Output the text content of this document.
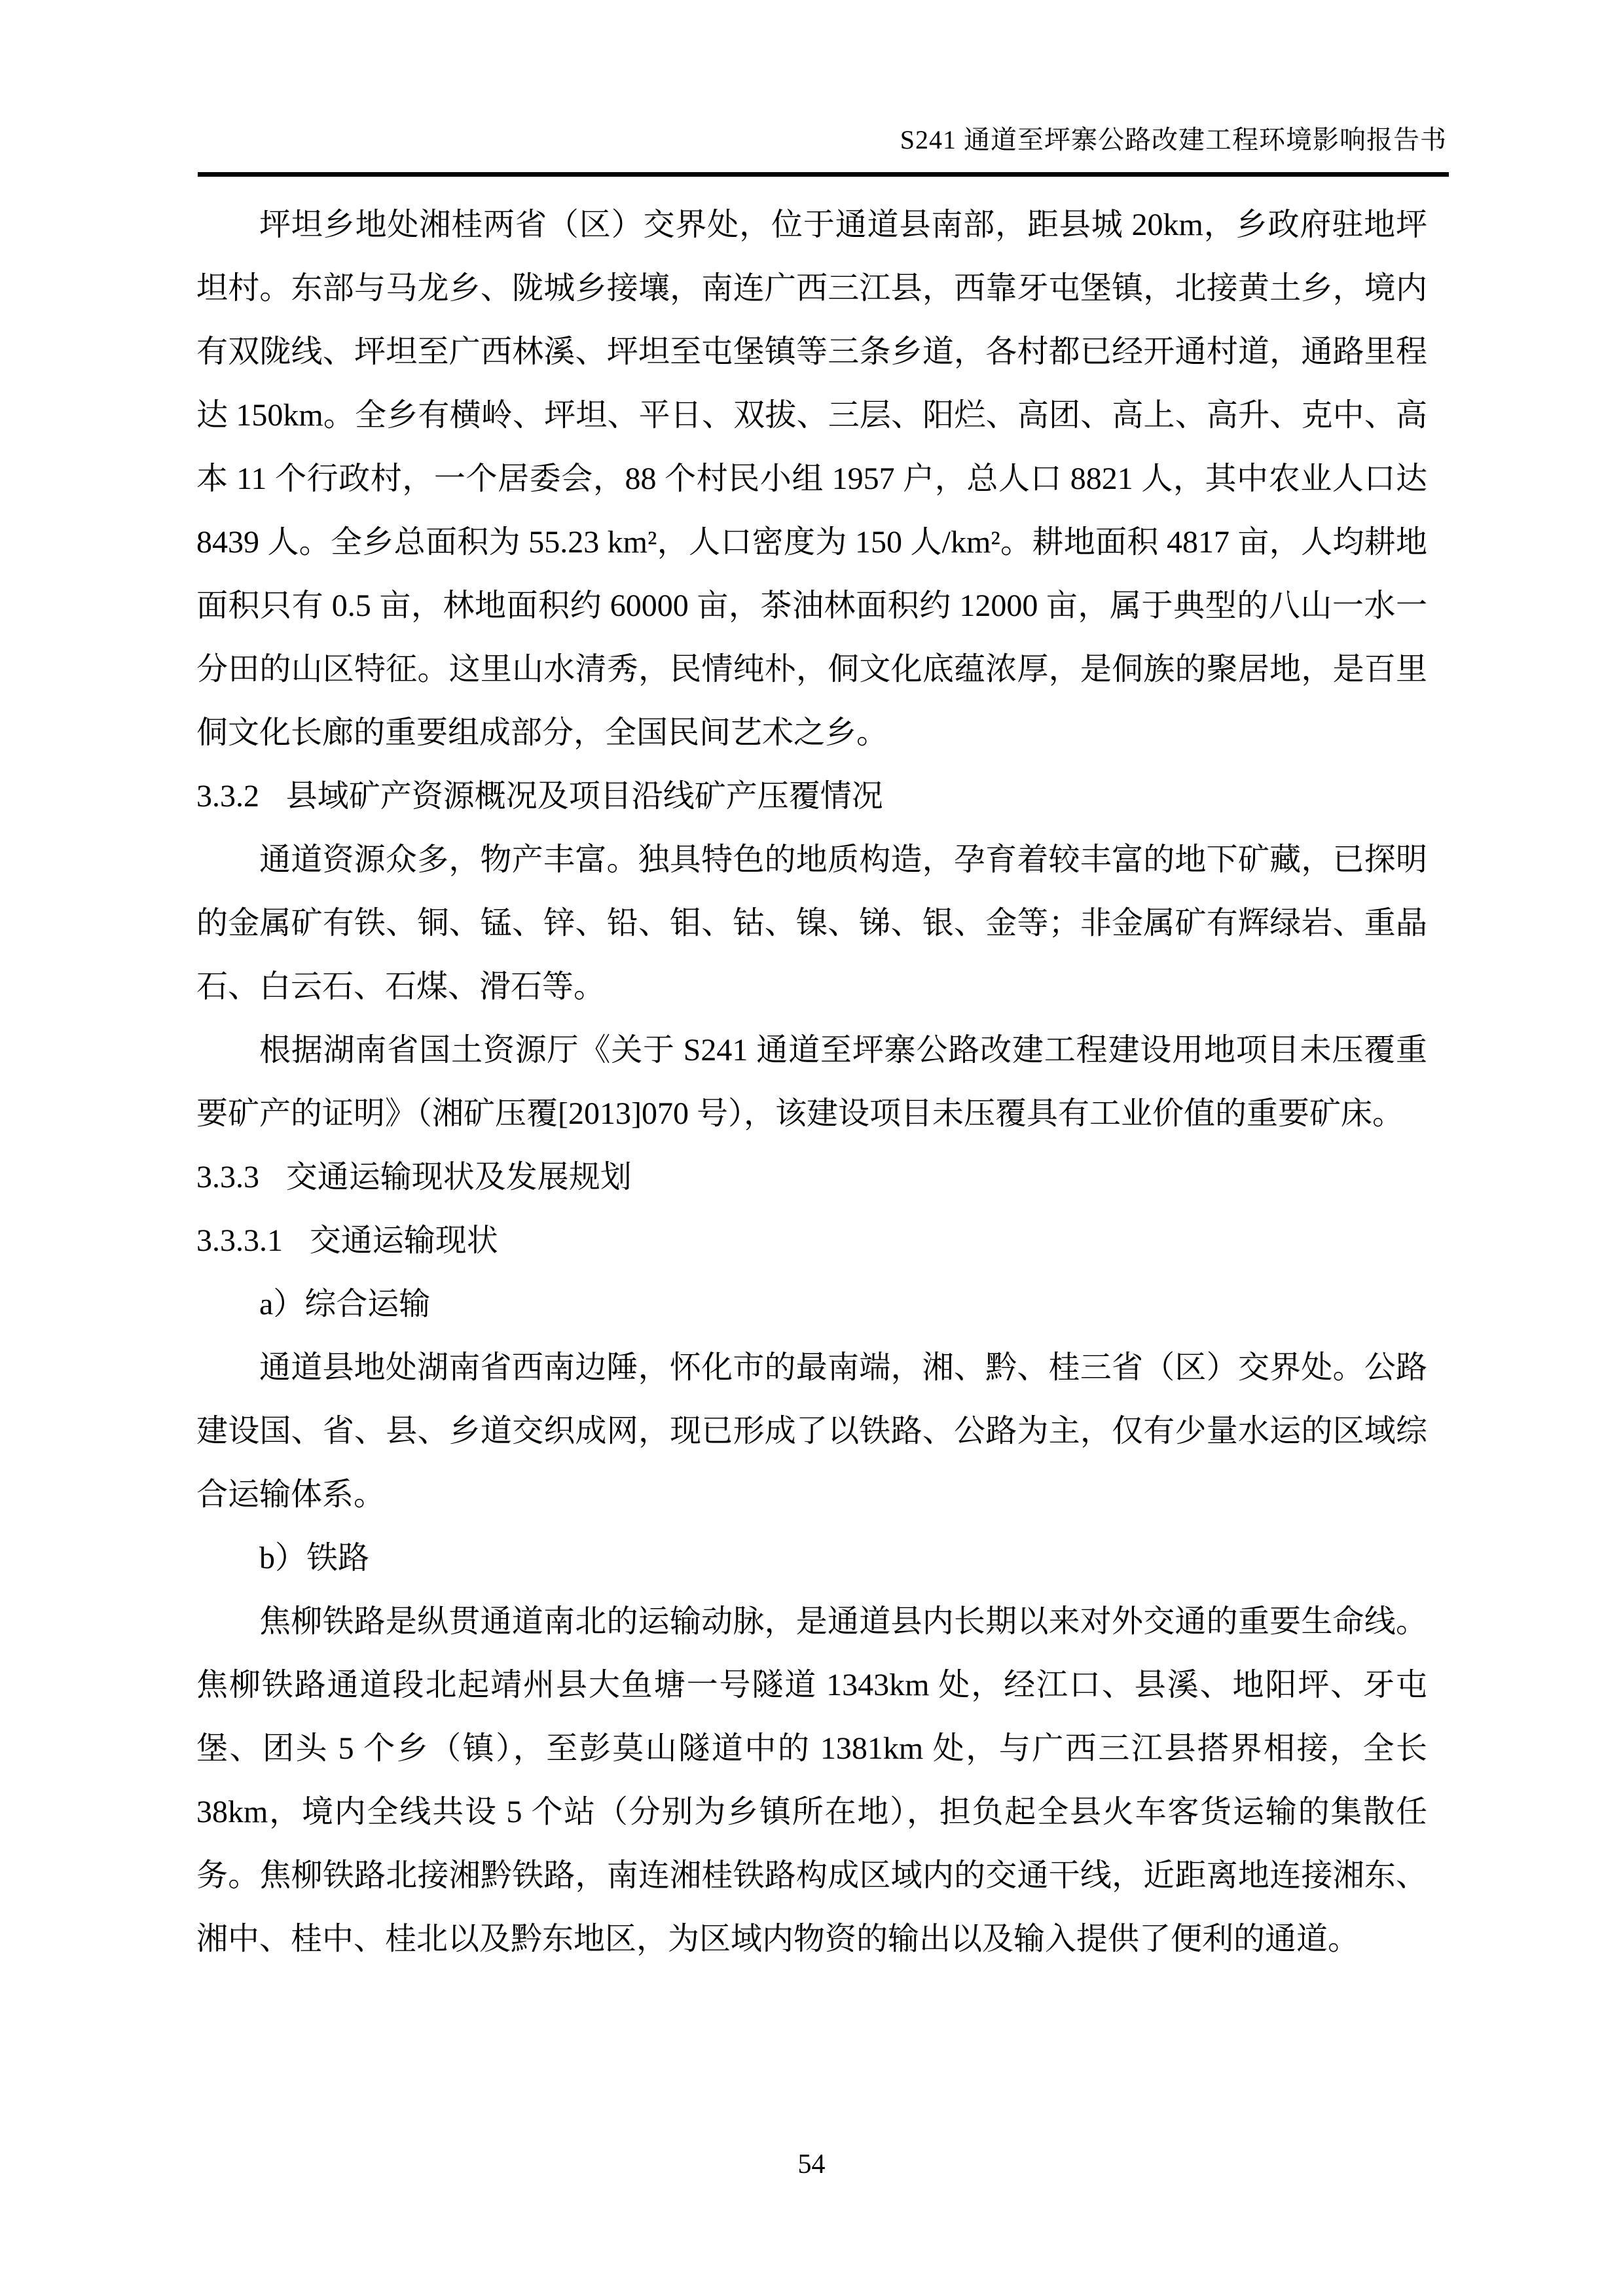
S241 通道至坪寨公路改建工程环境影响报告书

坪坦乡地处湘桂两省（区）交界处，位于通道县南部，距县城 20km，乡政府驻地坪坦村。东部与马龙乡、陇城乡接壤，南连广西三江县，西靠牙屯堡镇，北接黄土乡，境内有双陇线、坪坦至广西林溪、坪坦至屯堡镇等三条乡道，各村都已经开通村道，通路里程达 150km。全乡有横岭、坪坦、平日、双拔、三层、阳烂、高团、高上、高升、克中、高本 11 个行政村，一个居委会，88 个村民小组 1957 户，总人口 8821 人，其中农业人口达 8439 人。全乡总面积为 55.23 km²，人口密度为 150 人/km²。耕地面积 4817 亩，人均耕地面积只有 0.5 亩，林地面积约 60000 亩，茶油林面积约 12000 亩，属于典型的八山一水一分田的山区特征。这里山水清秀，民情纯朴，侗文化底蕴浓厚，是侗族的聚居地，是百里侗文化长廊的重要组成部分，全国民间艺术之乡。

3.3.2 县域矿产资源概况及项目沿线矿产压覆情况

通道资源众多，物产丰富。独具特色的地质构造，孕育着较丰富的地下矿藏，已探明的金属矿有铁、铜、锰、锌、铅、钼、钴、镍、锑、银、金等；非金属矿有辉绿岩、重晶石、白云石、石煤、滑石等。

根据湖南省国土资源厅《关于 S241 通道至坪寨公路改建工程建设用地项目未压覆重要矿产的证明》（湘矿压覆[2013]070 号），该建设项目未压覆具有工业价值的重要矿床。

3.3.3 交通运输现状及发展规划
3.3.3.1 交通运输现状

a）综合运输

通道县地处湖南省西南边陲，怀化市的最南端，湘、黔、桂三省（区）交界处。公路建设国、省、县、乡道交织成网，现已形成了以铁路、公路为主，仅有少量水运的区域综合运输体系。

b）铁路

焦柳铁路是纵贯通道南北的运输动脉，是通道县内长期以来对外交通的重要生命线。焦柳铁路通道段北起靖州县大鱼塘一号隧道 1343km 处，经江口、县溪、地阳坪、牙屯堡、团头 5 个乡（镇），至彭莫山隧道中的 1381km 处，与广西三江县搭界相接，全长 38km，境内全线共设 5 个站（分别为乡镇所在地），担负起全县火车客货运输的集散任务。焦柳铁路北接湘黔铁路，南连湘桂铁路构成区域内的交通干线，近距离地连接湘东、湘中、桂中、桂北以及黔东地区，为区域内物资的输出以及输入提供了便利的通道。

54
